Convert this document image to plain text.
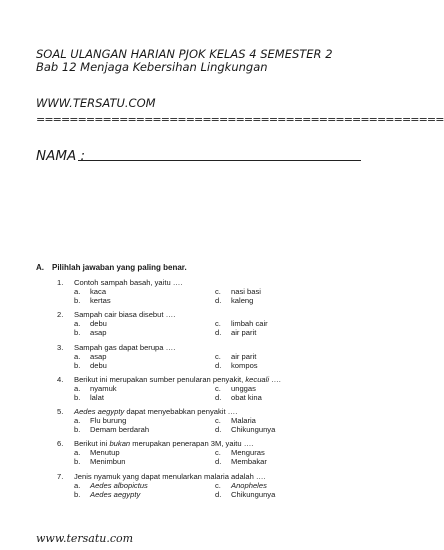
SOAL ULANGAN HARIAN PJOK KELAS 4 SEMESTER 2
Bab 12 Menjaga Kebersihan Lingkungan
WWW.TERSATU.COM
=================================================
NAMA :
A. Pilihlah jawaban yang paling benar.
1. Contoh sampah basah, yaitu ….
a. kaca	c. nasi basi
b. kertas	d. kaleng
2. Sampah cair biasa disebut ….
a. debu	c. limbah cair
b. asap	d. air parit
3. Sampah gas dapat berupa ….
a. asap	c. air parit
b. debu	d. kompos
4. Berikut ini merupakan sumber penularan penyakit, kecuali ….
a. nyamuk	c. unggas
b. lalat	d. obat kina
5. Aedes aegypty dapat menyebabkan penyakit ….
a. Flu burung	c. Malaria
b. Demam berdarah	d. Chikungunya
6. Berikut ini bukan merupakan penerapan 3M, yaitu ….
a. Menutup	c. Menguras
b. Menimbun	d. Membakar
7. Jenis nyamuk yang dapat menularkan malaria adalah ….
a. Aedes albopictus	c. Anopheles
b. Aedes aegypty	d. Chikungunya
www.tersatu.com
